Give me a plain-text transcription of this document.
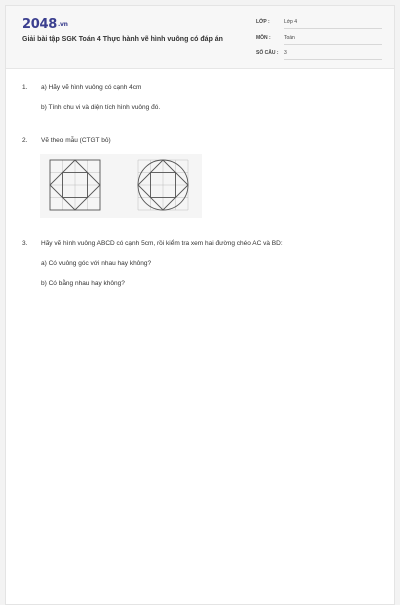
2048.vn
Giải bài tập SGK Toán 4 Thực hành vẽ hình vuông có đáp án
LỚP :	Lớp 4
MÔN :	Toán
SỐ CÂU : 3
1. a) Hãy vẽ hình vuông có cạnh 4cm
b) Tính chu vi và diện tích hình vuông đó.
2. Vẽ theo mẫu (CTGT bỏ)
3. Hãy vẽ hình vuông ABCD có cạnh 5cm, rồi kiểm tra xem hai đường chéo AC và BD:
a) Có vuông góc với nhau hay không?
b) Có bằng nhau hay không?
